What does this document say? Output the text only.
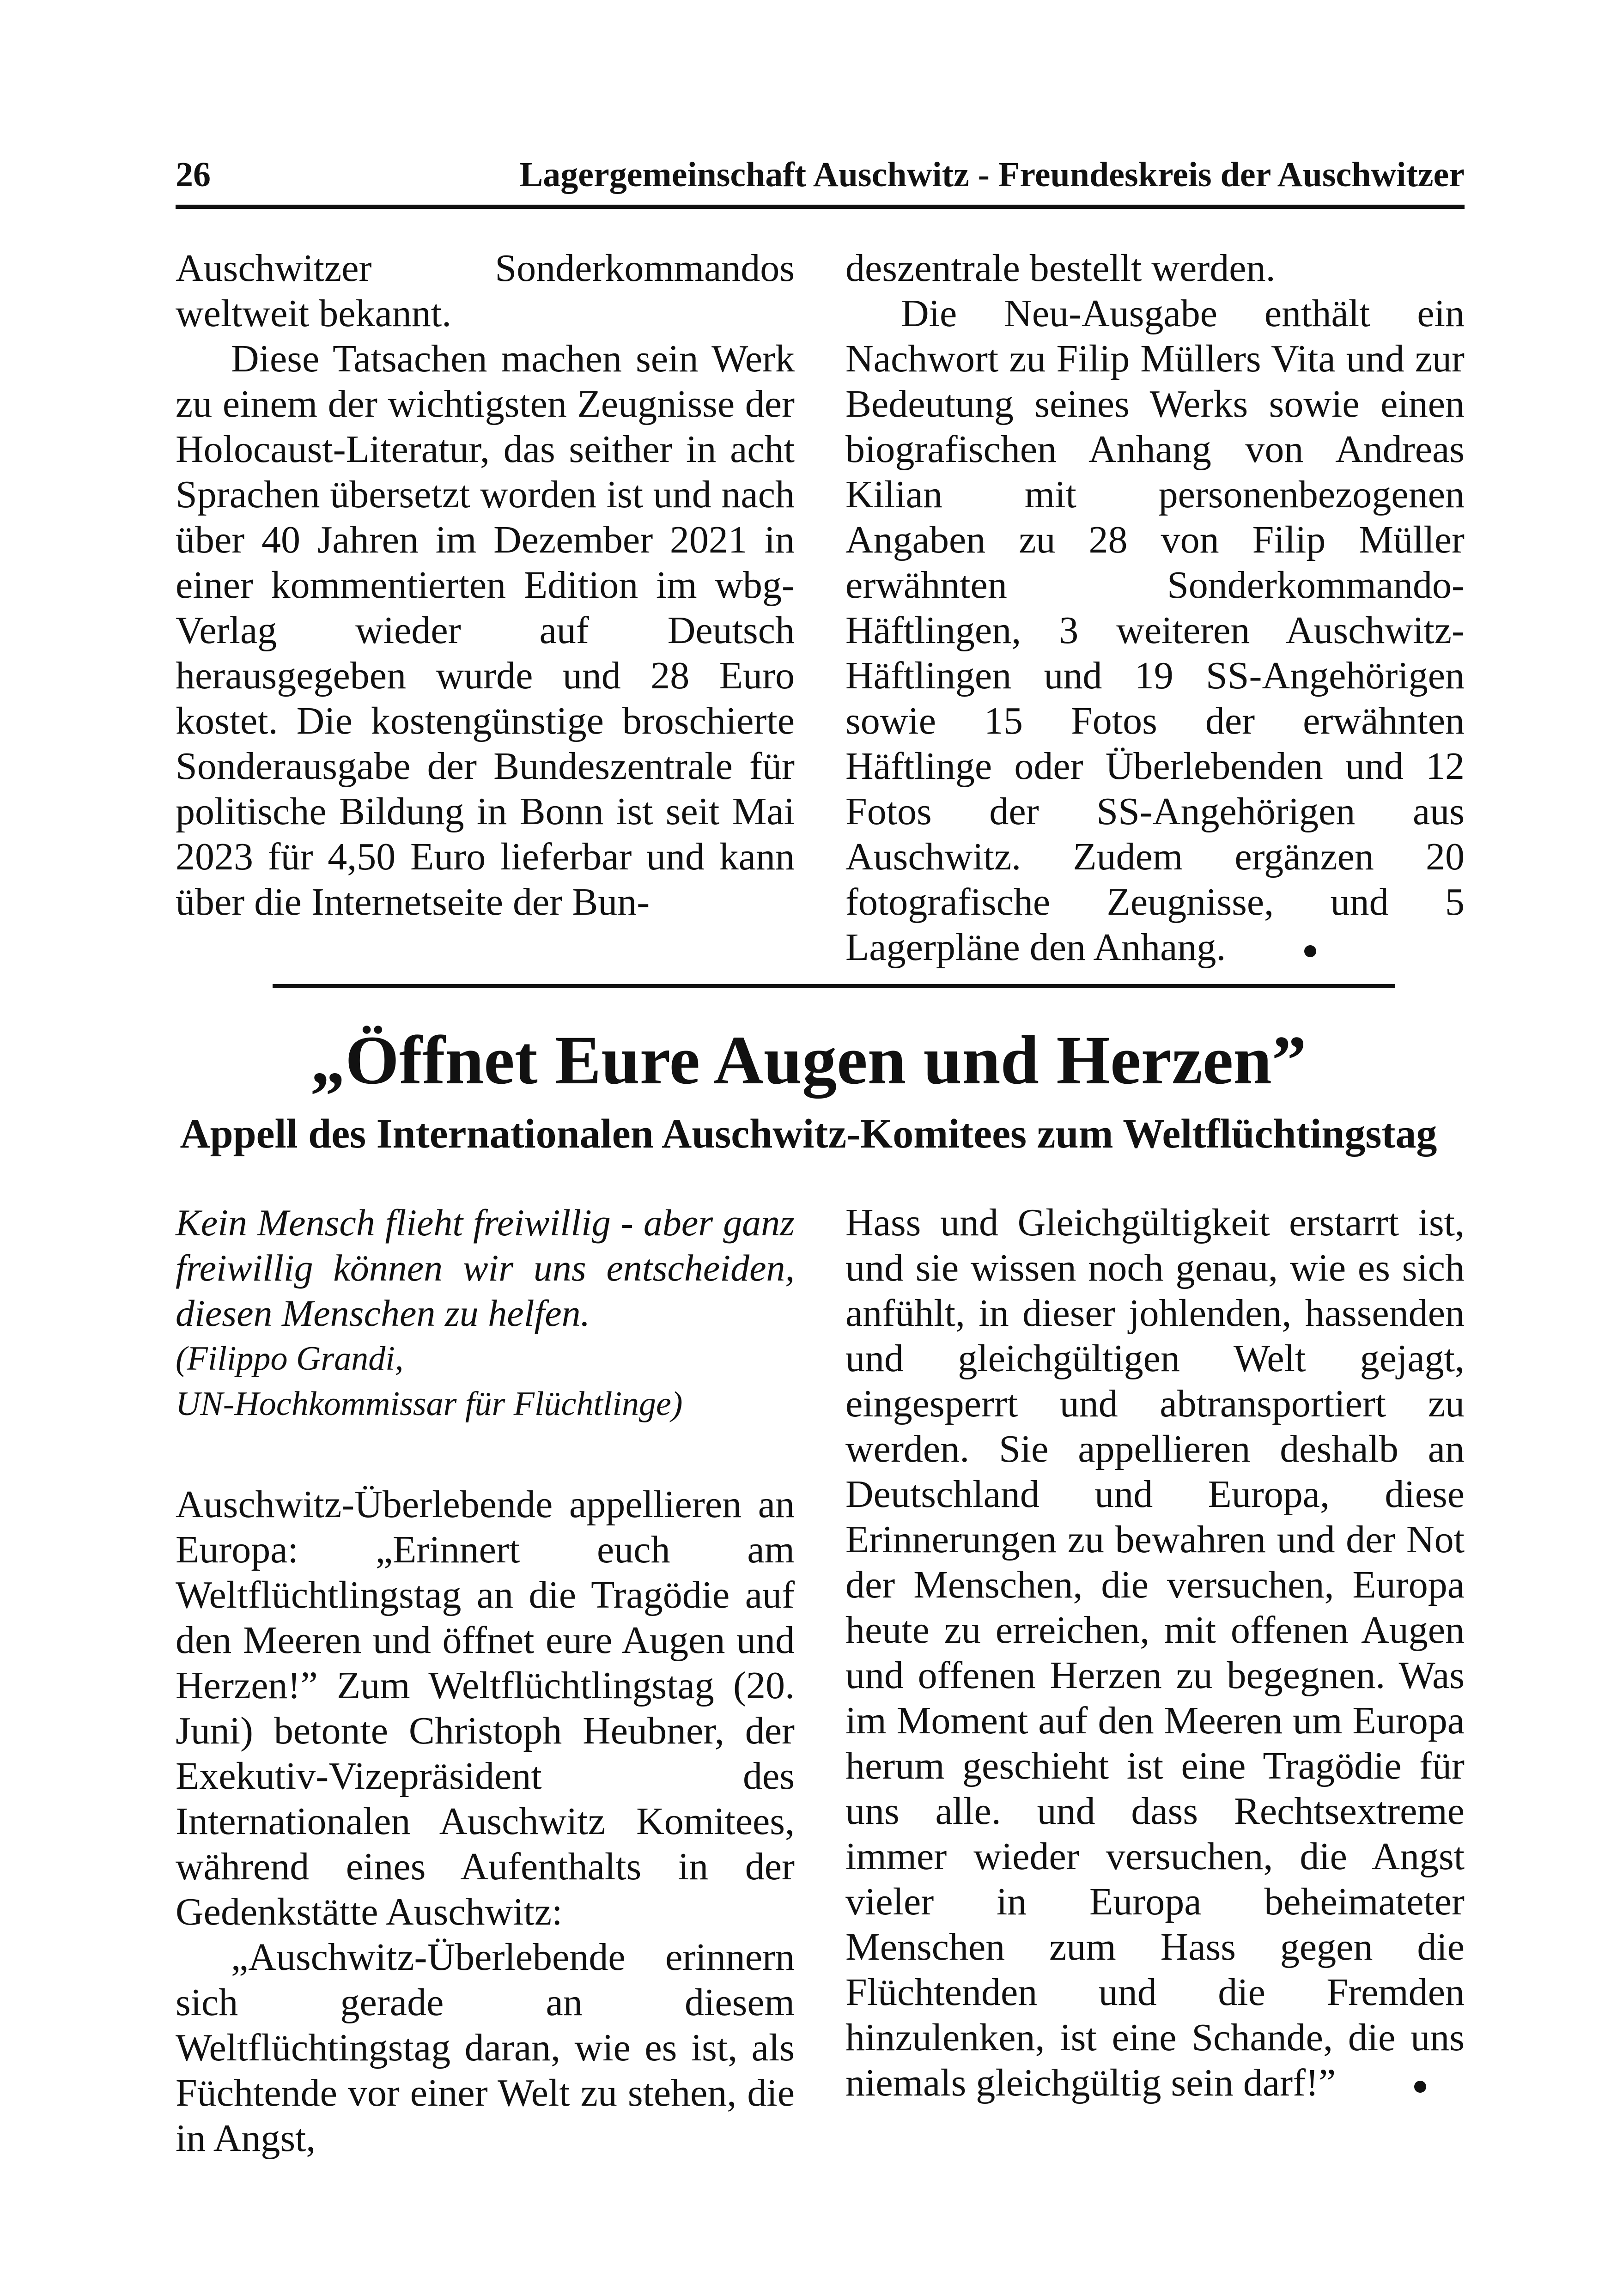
26	Lagergemeinschaft Auschwitz - Freundeskreis der Auschwitzer

Auschwitzer Sonderkommandos weltweit bekannt.

Diese Tatsachen machen sein Werk zu einem der wichtigsten Zeugnisse der Holocaust-Literatur, das seither in acht Sprachen übersetzt worden ist und nach über 40 Jahren im Dezember 2021 in einer kommentierten Edition im wbg-Verlag wieder auf Deutsch herausgegeben wurde und 28 Euro kostet. Die kostengünstige broschierte Sonderausgabe der Bundeszentrale für politische Bildung in Bonn ist seit Mai 2023 für 4,50 Euro lieferbar und kann über die Internetseite der Bun-

deszentrale bestellt werden.

Die Neu-Ausgabe enthält ein Nachwort zu Filip Müllers Vita und zur Bedeutung seines Werks sowie einen biografischen Anhang von Andreas Kilian mit personenbezogenen Angaben zu 28 von Filip Müller erwähnten Sonderkommando-Häftlingen, 3 weiteren Auschwitz-Häftlingen und 19 SS-Angehörigen sowie 15 Fotos der erwähnten Häftlinge oder Überlebenden und 12 Fotos der SS-Angehörigen aus Auschwitz. Zudem ergänzen 20 fotografische Zeugnisse, und 5 Lagerpläne den Anhang.

„Öffnet Eure Augen und Herzen”
Appell des Internationalen Auschwitz-Komitees zum Weltflüchtingstag

Kein Mensch flieht freiwillig - aber ganz freiwillig können wir uns entscheiden, diesen Menschen zu helfen.

(Filippo Grandi,

UN-Hochkommissar für Flüchtlinge)

Auschwitz-Überlebende appellieren an Europa: „Erinnert euch am Weltflüchtlingstag an die Tragödie auf den Meeren und öffnet eure Augen und Herzen!” Zum Weltflüchtlingstag (20. Juni) betonte Christoph Heubner, der Exekutiv-Vizepräsident des Internationalen Auschwitz Komitees, während eines Aufenthalts in der Gedenkstätte Auschwitz:

„Auschwitz-Überlebende erinnern sich gerade an diesem Weltflüchtingstag daran, wie es ist, als Füchtende vor einer Welt zu stehen, die in Angst,

Hass und Gleichgültigkeit erstarrt ist, und sie wissen noch genau, wie es sich anfühlt, in dieser johlenden, hassenden und gleichgültigen Welt gejagt, eingesperrt und abtransportiert zu werden. Sie appellieren deshalb an Deutschland und Europa, diese Erinnerungen zu bewahren und der Not der Menschen, die versuchen, Europa heute zu erreichen, mit offenen Augen und offenen Herzen zu begegnen. Was im Moment auf den Meeren um Europa herum geschieht ist eine Tragödie für uns alle. und dass Rechtsextreme immer wieder versuchen, die Angst vieler in Europa beheimateter Menschen zum Hass gegen die Flüchtenden und die Fremden hinzulenken, ist eine Schande, die uns niemals gleichgültig sein darf!”
